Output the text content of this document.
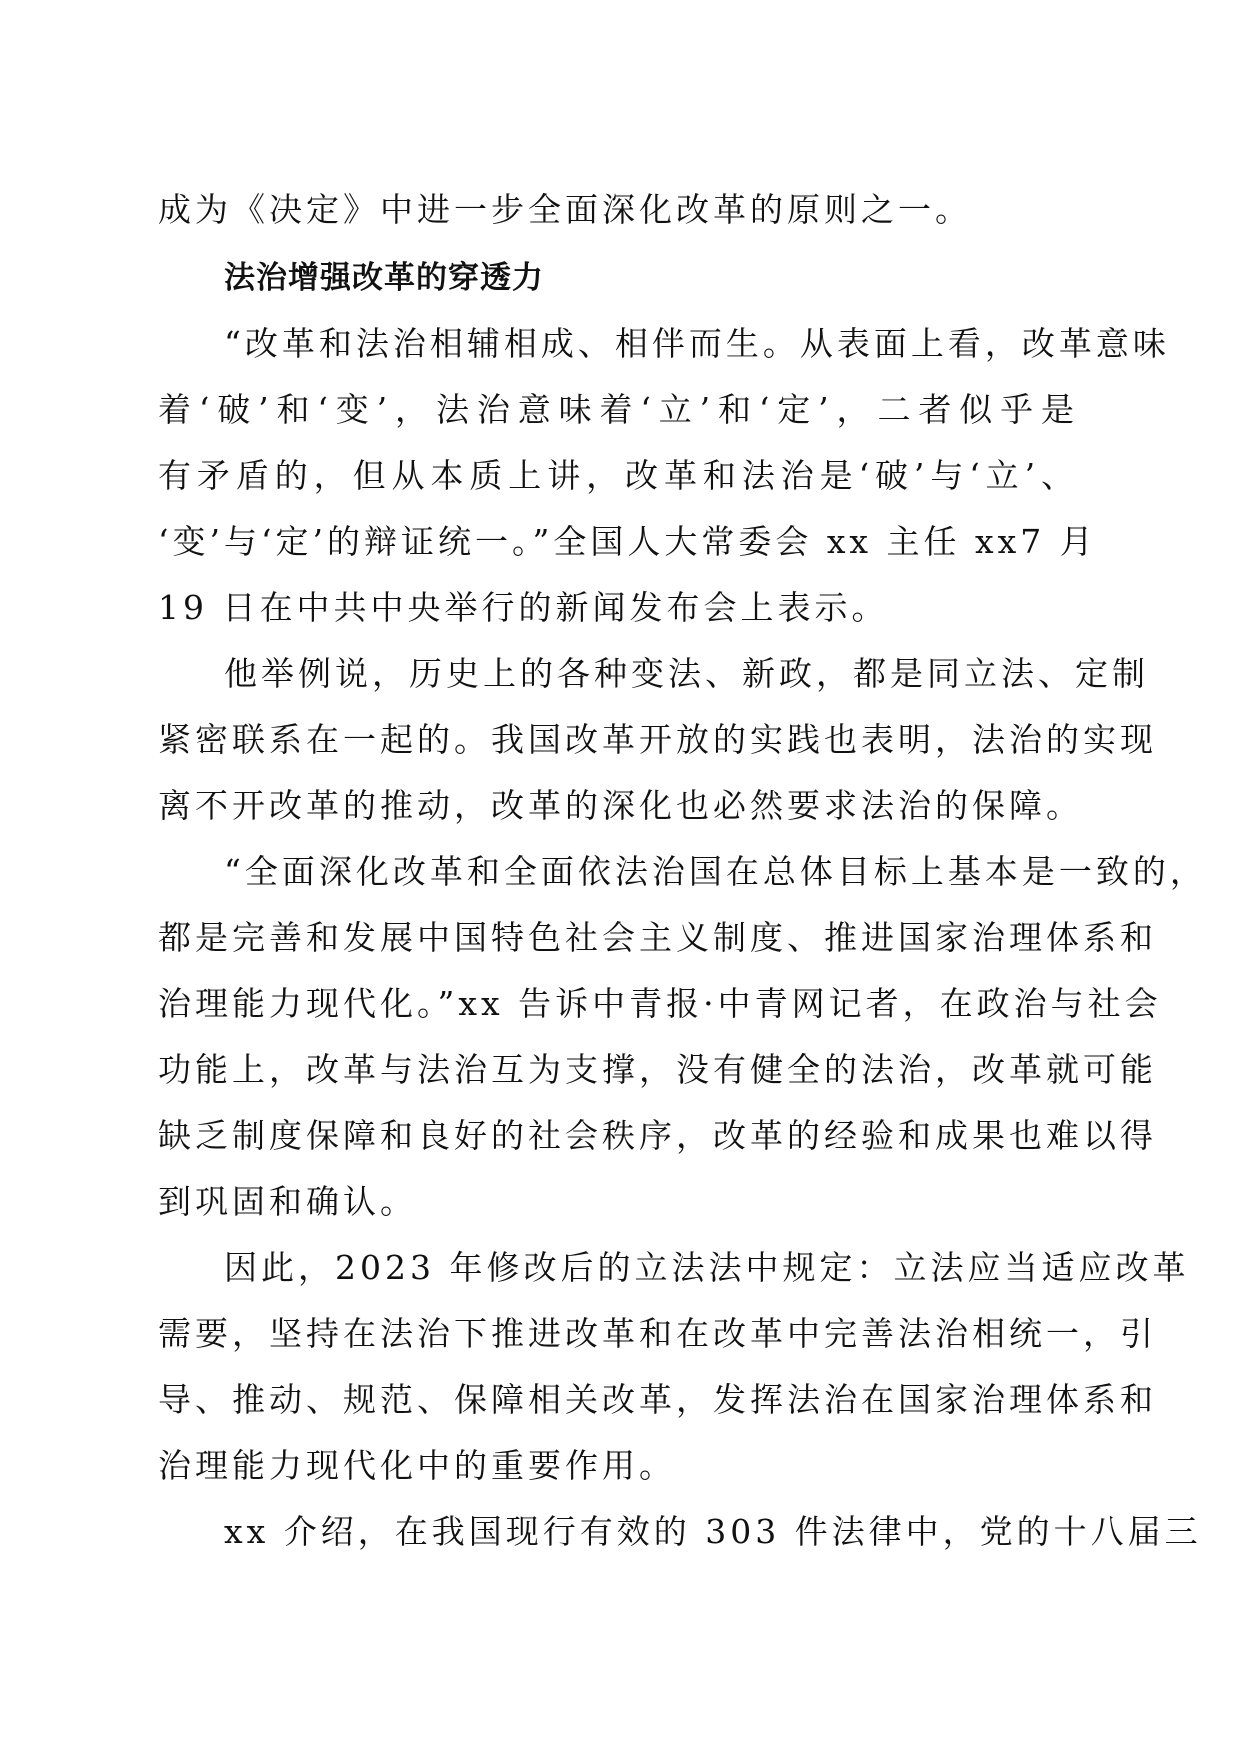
成为《决定》中进一步全面深化改革的原则之一。
法治增强改革的穿透力
“改革和法治相辅相成、相伴而生。从表面上看，改革意味
着‘破’和‘变’，法治意味着‘立’和‘定’，二者似乎是
有矛盾的，但从本质上讲，改革和法治是‘破’与‘立’、
‘变’与‘定’的辩证统一。”全国人大常委会 xx 主任 xx7 月
19 日在中共中央举行的新闻发布会上表示。
他举例说，历史上的各种变法、新政，都是同立法、定制
紧密联系在一起的。我国改革开放的实践也表明，法治的实现
离不开改革的推动，改革的深化也必然要求法治的保障。
“全面深化改革和全面依法治国在总体目标上基本是一致的，
都是完善和发展中国特色社会主义制度、推进国家治理体系和
治理能力现代化。”xx 告诉中青报·中青网记者，在政治与社会
功能上，改革与法治互为支撑，没有健全的法治，改革就可能
缺乏制度保障和良好的社会秩序，改革的经验和成果也难以得
到巩固和确认。
因此，2023 年修改后的立法法中规定：立法应当适应改革
需要，坚持在法治下推进改革和在改革中完善法治相统一，引
导、推动、规范、保障相关改革，发挥法治在国家治理体系和
治理能力现代化中的重要作用。
xx 介绍，在我国现行有效的 303 件法律中，党的十八届三
